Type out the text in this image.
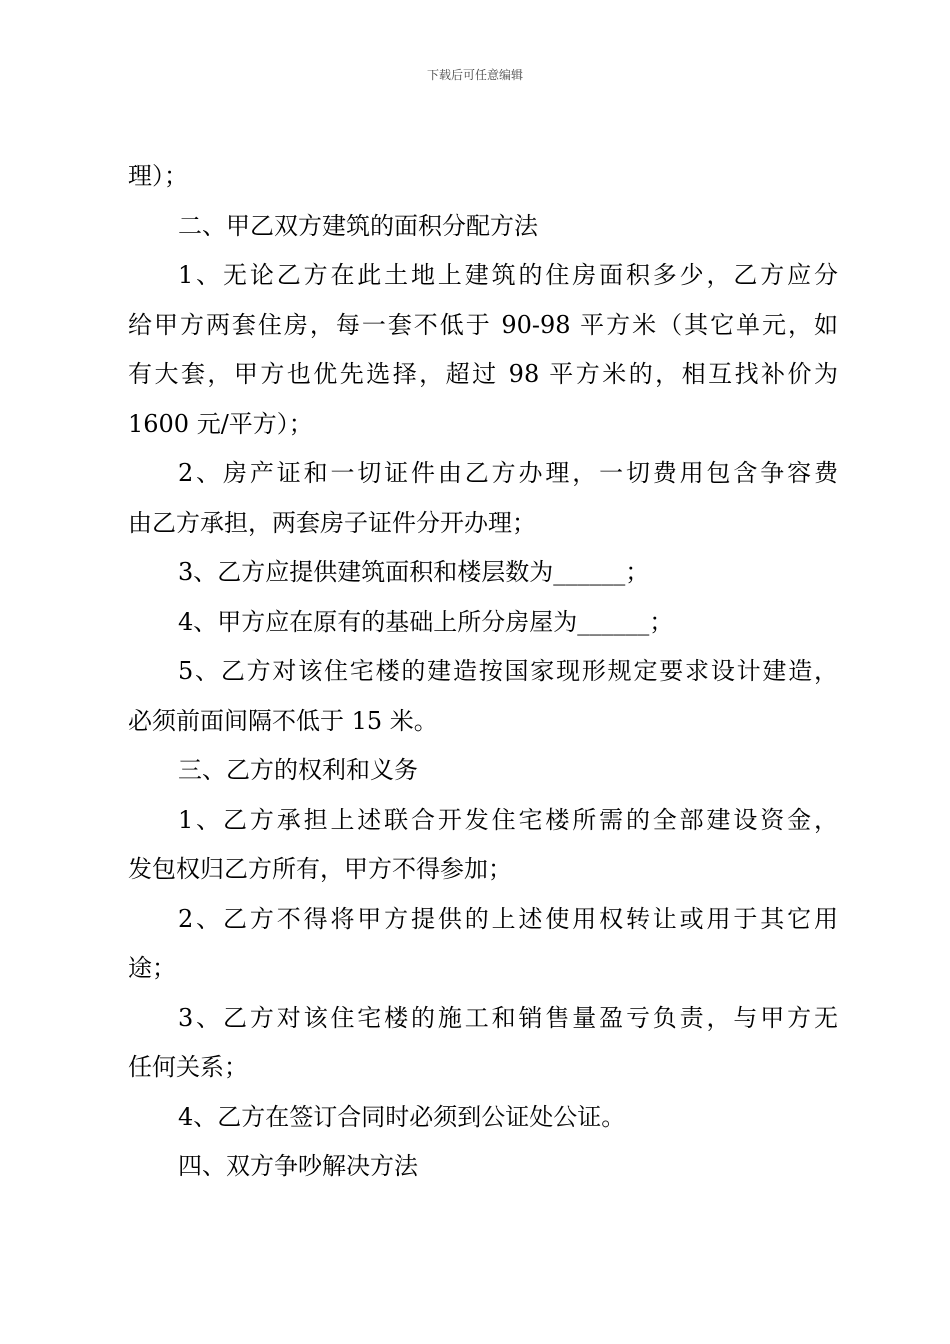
下载后可任意编辑
理）；
二、甲乙双方建筑的面积分配方法
1、无论乙方在此土地上建筑的住房面积多少，乙方应分
给甲方两套住房，每一套不低于 90-98 平方米（其它单元，如
有大套，甲方也优先选择，超过 98 平方米的，相互找补价为
1600 元/平方）；
2、房产证和一切证件由乙方办理，一切费用包含争容费
由乙方承担，两套房子证件分开办理；
3、乙方应提供建筑面积和楼层数为______；
4、甲方应在原有的基础上所分房屋为______；
5、乙方对该住宅楼的建造按国家现形规定要求设计建造，
必须前面间隔不低于 15 米。
三、乙方的权利和义务
1、乙方承担上述联合开发住宅楼所需的全部建设资金，
发包权归乙方所有，甲方不得参加；
2、乙方不得将甲方提供的上述使用权转让或用于其它用
途；
3、乙方对该住宅楼的施工和销售量盈亏负责，与甲方无
任何关系；
4、乙方在签订合同时必须到公证处公证。
四、双方争吵解决方法
